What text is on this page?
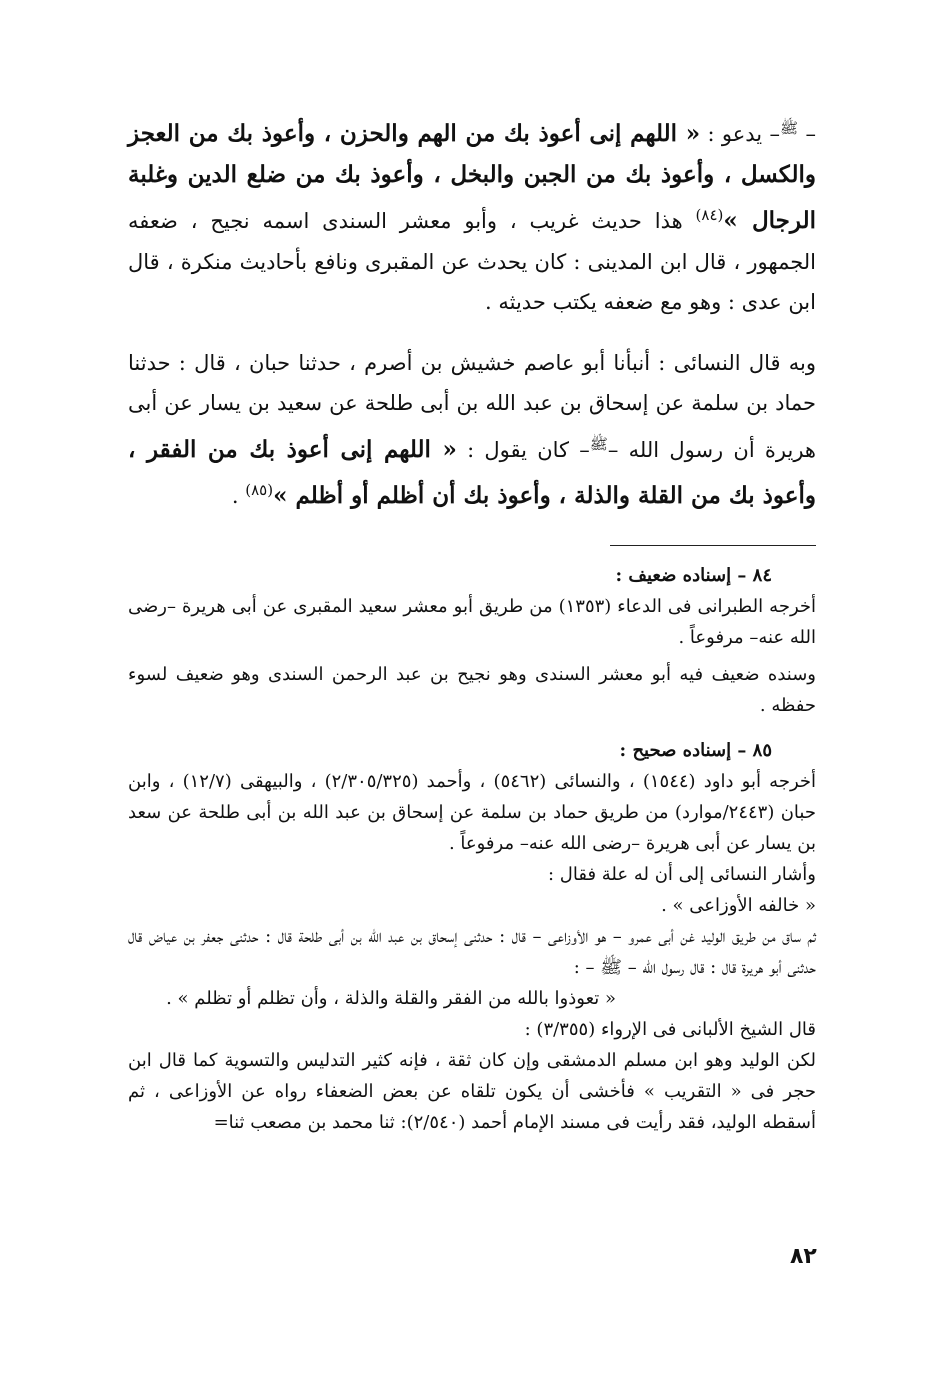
– $^ﷺ$– يدعو : « اللهم إنى أعوذ بك من الهم والحزن ، وأعوذ بك من العجز والكسل ، وأعوذ بك من الجبن والبخل ، وأعوذ بك من ضلع الدين وغلبة الرجال »$^{(٨٤)}$ هذا حديث غريب ، وأبو معشر السندى اسمه نجيح ، ضعفه الجمهور ، قال ابن المدينى : كان يحدث عن المقبرى ونافع بأحاديث منكرة ، قال ابن عدى : وهو مع ضعفه يكتب حديثه .

وبه قال النسائى : أنبأنا أبو عاصم خشيش بن أصرم ، حدثنا حبان ، قال : حدثنا حماد بن سلمة عن إسحاق بن عبد الله بن أبى طلحة عن سعيد بن يسار عن أبى هريرة أن رسول الله –$^ﷺ$– كان يقول : « اللهم إنى أعوذ بك من الفقر ، وأعوذ بك من القلة والذلة ، وأعوذ بك أن أظلم أو أظلم »$^{(٨٥)}$ .

٨٤ – إسناده ضعيف :

أخرجه الطبرانى فى الدعاء (١٣٥٣) من طريق أبو معشر سعيد المقبرى عن أبى هريرة –رضى الله عنه– مرفوعاً .

وسنده ضعيف فيه أبو معشر السندى وهو نجيح بن عبد الرحمن السندى وهو ضعيف لسوء حفظه .

٨٥ – إسناده صحيح :

أخرجه أبو داود (١٥٤٤) ، والنسائى (٥٤٦٢) ، وأحمد (٢/٣٠٥/٣٢٥) ، والبيهقى (١٢/٧) ، وابن حبان (٢٤٤٣/موارد) من طريق حماد بن سلمة عن إسحاق بن عبد الله بن أبى طلحة عن سعد بن يسار عن أبى هريرة –رضى الله عنه– مرفوعاً .

وأشار النسائى إلى أن له علة فقال :

« خالفه الأوزاعى » .

ثم ساق من طريق الوليد غن أبى عمرو – هو الأوزاعى – قال : حدثنى إسحاق بن عبد الله بن أبى طلحة قال : حدثنى جعفر بن عياض قال حدثنى أبو هريرة قال : قال رسول الله – ﷺ – :

« تعوذوا بالله من الفقر والقلة والذلة ، وأن تظلم أو تظلم » .

قال الشيخ الألبانى فى الإرواء (٣/٣٥٥) :

لكن الوليد وهو ابن مسلم الدمشقى وإن كان ثقة ، فإنه كثير التدليس والتسوية كما قال ابن حجر فى « التقريب » فأخشى أن يكون تلقاه عن بعض الضعفاء رواه عن الأوزاعى ، ثم أسقطه الوليد، فقد رأيت فى مسند الإمام أحمد (٢/٥٤٠): ثنا محمد بن مصعب ثنا=

٨٢
